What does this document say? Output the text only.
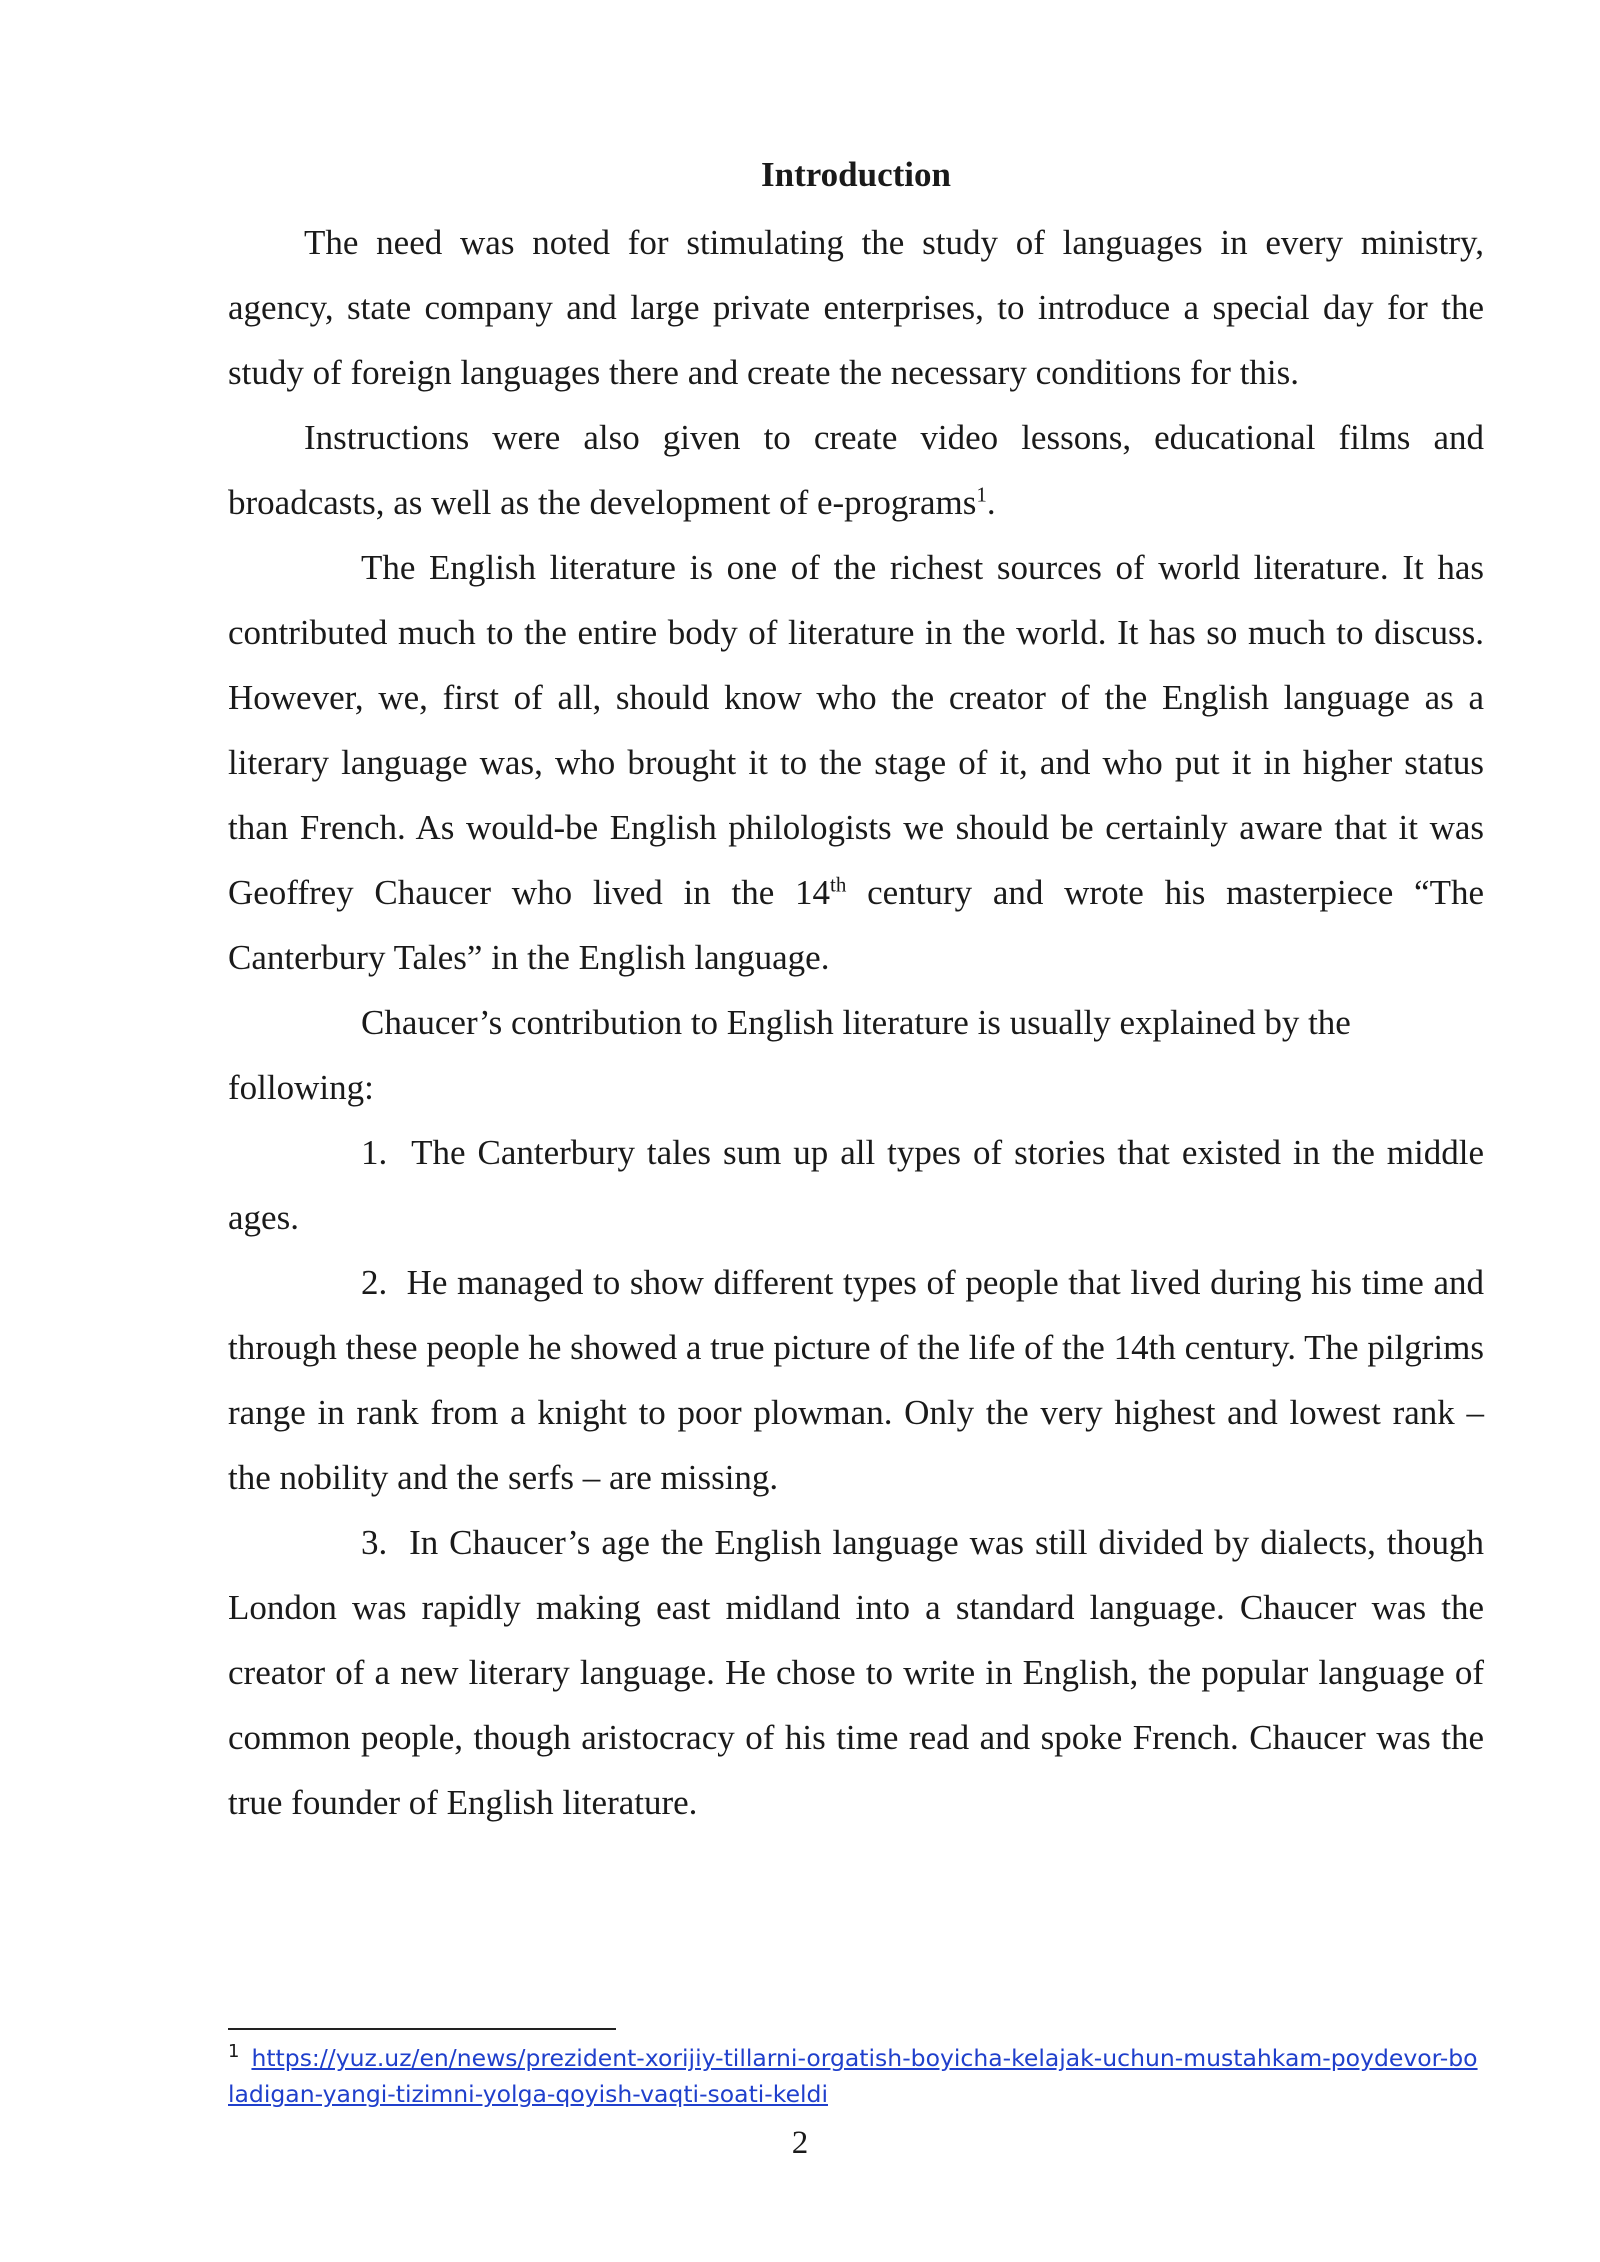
Introduction

The need was noted for stimulating the study of languages in every ministry, agency, state company and large private enterprises, to introduce a special day for the study of foreign languages there and create the necessary conditions for this.

Instructions were also given to create video lessons, educational films and broadcasts, as well as the development of e-programs$^1$.

The English literature is one of the richest sources of world literature. It has contributed much to the entire body of literature in the world. It has so much to discuss. However, we, first of all, should know who the creator of the English language as a literary language was, who brought it to the stage of it, and who put it in higher status than French. As would-be English philologists we should be certainly aware that it was Geoffrey Chaucer who lived in the 14th century and wrote his masterpiece “The Canterbury Tales” in the English language.

Chaucer’s contribution to English literature is usually explained by the following:

1. The Canterbury tales sum up all types of stories that existed in the middle ages.

2. He managed to show different types of people that lived during his time and through these people he showed a true picture of the life of the 14th century. The pilgrims range in rank from a knight to poor plowman. Only the very highest and lowest rank – the nobility and the serfs – are missing.

3. In Chaucer’s age the English language was still divided by dialects, though London was rapidly making east midland into a standard language. Chaucer was the creator of a new literary language. He chose to write in English, the popular language of common people, though aristocracy of his time read and spoke French. Chaucer was the true founder of English literature.

$^1$ https://yuz.uz/en/news/prezident-xorijiy-tillarni-orgatish-boyicha-kelajak-uchun-mustahkam-poydevor-boladigan-yangi-tizimni-yolga-qoyish-vaqti-soati-keldi
2
